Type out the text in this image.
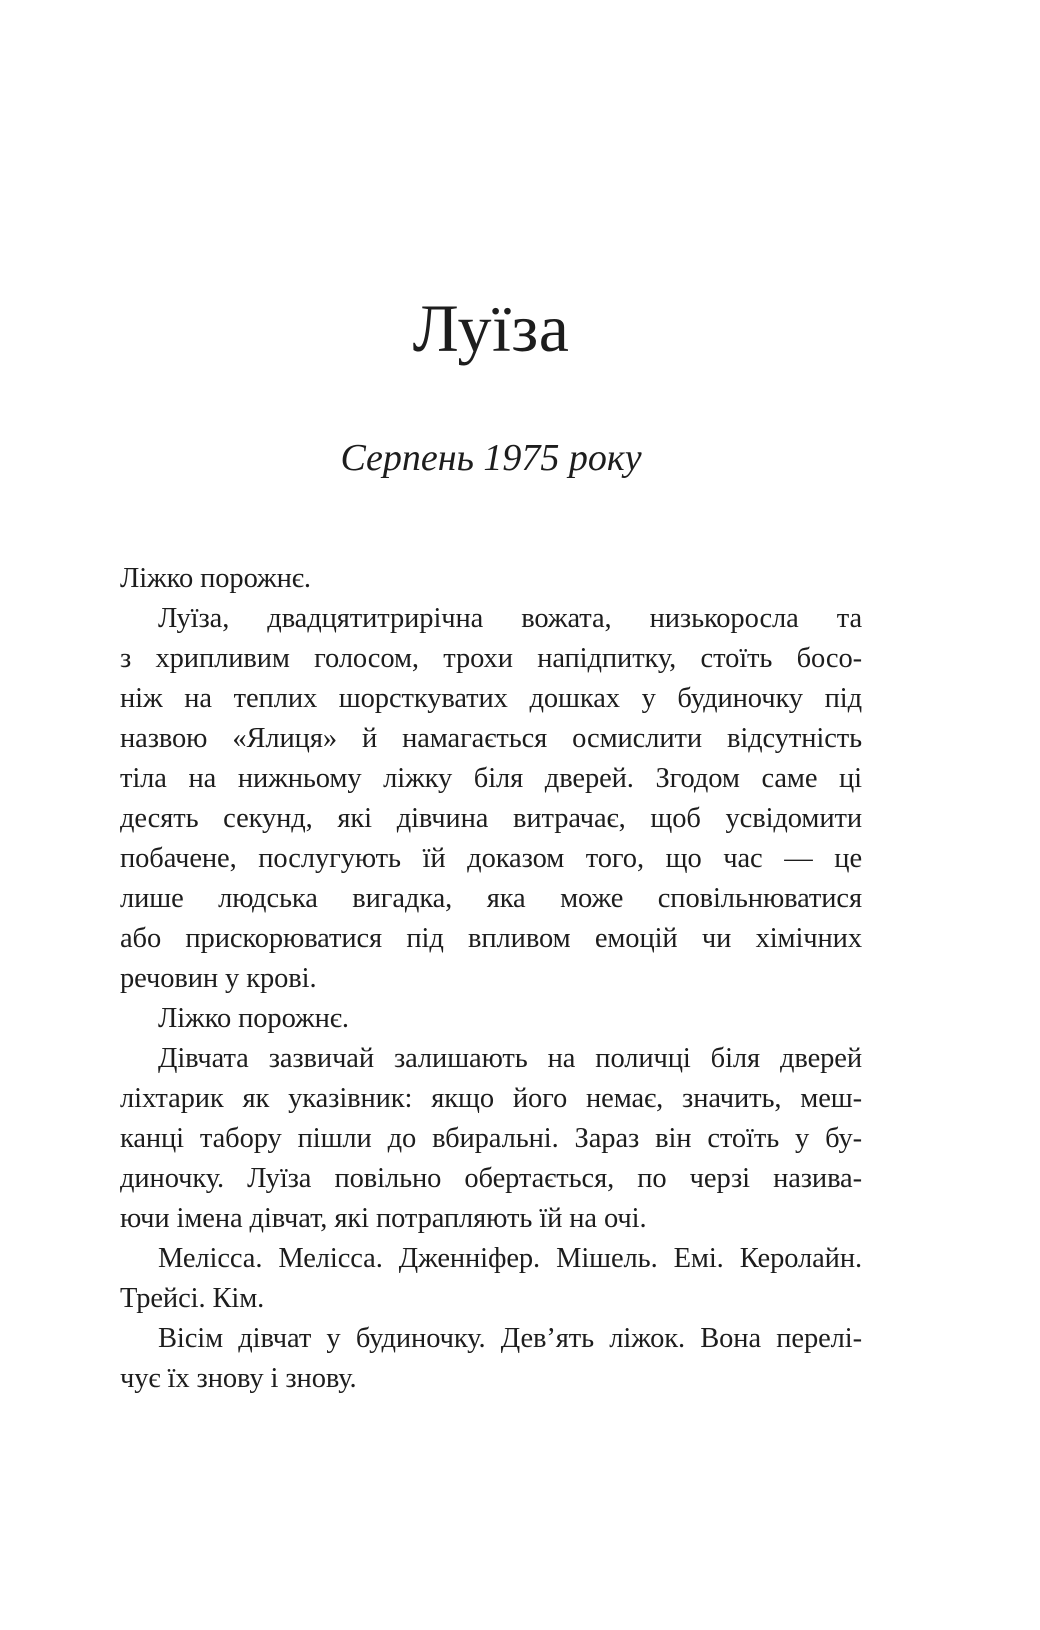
Луїза
Серпень 1975 року
Ліжко порожнє.
Луїза, двадцятитрирічна вожата, низькоросла та
з хрипливим голосом, трохи напідпитку, стоїть босо-
ніж на теплих шорсткуватих дошках у будиночку під
назвою «Ялиця» й намагається осмислити відсутність
тіла на нижньому ліжку біля дверей. Згодом саме ці
десять секунд, які дівчина витрачає, щоб усвідомити
побачене, послугують їй доказом того, що час — це
лише людська вигадка, яка може сповільнюватися
або прискорюватися під впливом емоцій чи хімічних
речовин у крові.
Ліжко порожнє.
Дівчата зазвичай залишають на поличці біля дверей
ліхтарик як указівник: якщо його немає, значить, меш-
канці табору пішли до вбиральні. Зараз він стоїть у бу-
диночку. Луїза повільно обертається, по черзі назива-
ючи імена дівчат, які потрапляють їй на очі.
Мелісса. Мелісса. Дженніфер. Мішель. Емі. Керолайн.
Трейсі. Кім.
Вісім дівчат у будиночку. Дев’ять ліжок. Вона перелі-
чує їх знову і знову.
